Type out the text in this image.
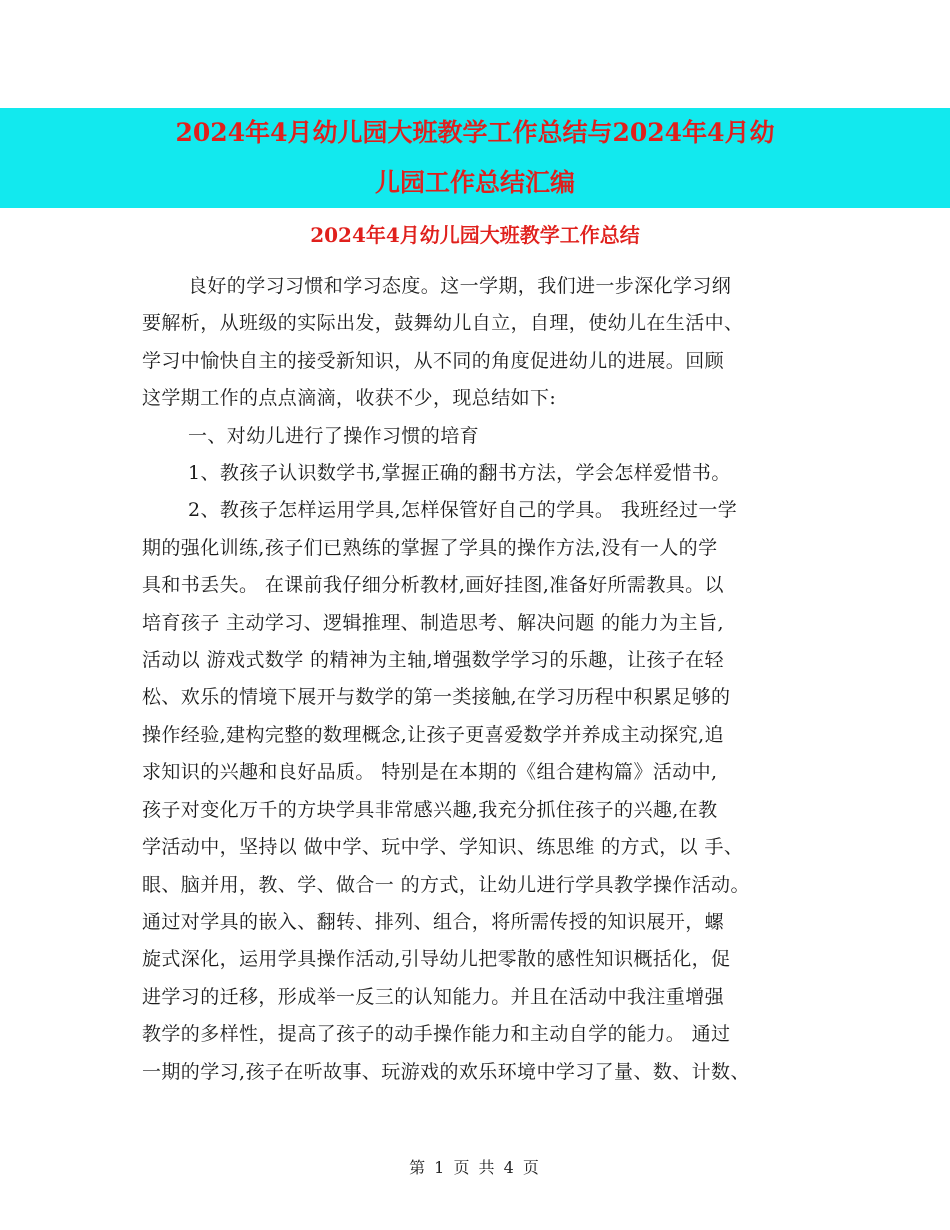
2024年4月幼儿园大班教学工作总结与2024年4月幼
儿园工作总结汇编
2024年4月幼儿园大班教学工作总结
良好的学习习惯和学习态度。这一学期，我们进一步深化学习纲
要解析，从班级的实际出发，鼓舞幼儿自立，自理，使幼儿在生活中、
学习中愉快自主的接受新知识，从不同的角度促进幼儿的进展。回顾
这学期工作的点点滴滴，收获不少，现总结如下:
一、对幼儿进行了操作习惯的培育
1、教孩子认识数学书,掌握正确的翻书方法，学会怎样爱惜书。
2、教孩子怎样运用学具,怎样保管好自己的学具。 我班经过一学
期的强化训练,孩子们已熟练的掌握了学具的操作方法,没有一人的学
具和书丢失。 在课前我仔细分析教材,画好挂图,准备好所需教具。以
培育孩子 主动学习、逻辑推理、制造思考、解决问题 的能力为主旨,
活动以 游戏式数学 的精神为主轴,增强数学学习的乐趣，让孩子在轻
松、欢乐的情境下展开与数学的第一类接触,在学习历程中积累足够的
操作经验,建构完整的数理概念,让孩子更喜爱数学并养成主动探究,追
求知识的兴趣和良好品质。 特别是在本期的《组合建构篇》活动中,
孩子对变化万千的方块学具非常感兴趣,我充分抓住孩子的兴趣,在教
学活动中，坚持以 做中学、玩中学、学知识、练思维 的方式，以 手、
眼、脑并用，教、学、做合一 的方式，让幼儿进行学具教学操作活动。
通过对学具的嵌入、翻转、排列、组合，将所需传授的知识展开，螺
旋式深化，运用学具操作活动,引导幼儿把零散的感性知识概括化，促
进学习的迁移，形成举一反三的认知能力。并且在活动中我注重增强
教学的多样性，提高了孩子的动手操作能力和主动自学的能力。 通过
一期的学习,孩子在听故事、玩游戏的欢乐环境中学习了量、数、计数、
第 1 页 共 4 页
